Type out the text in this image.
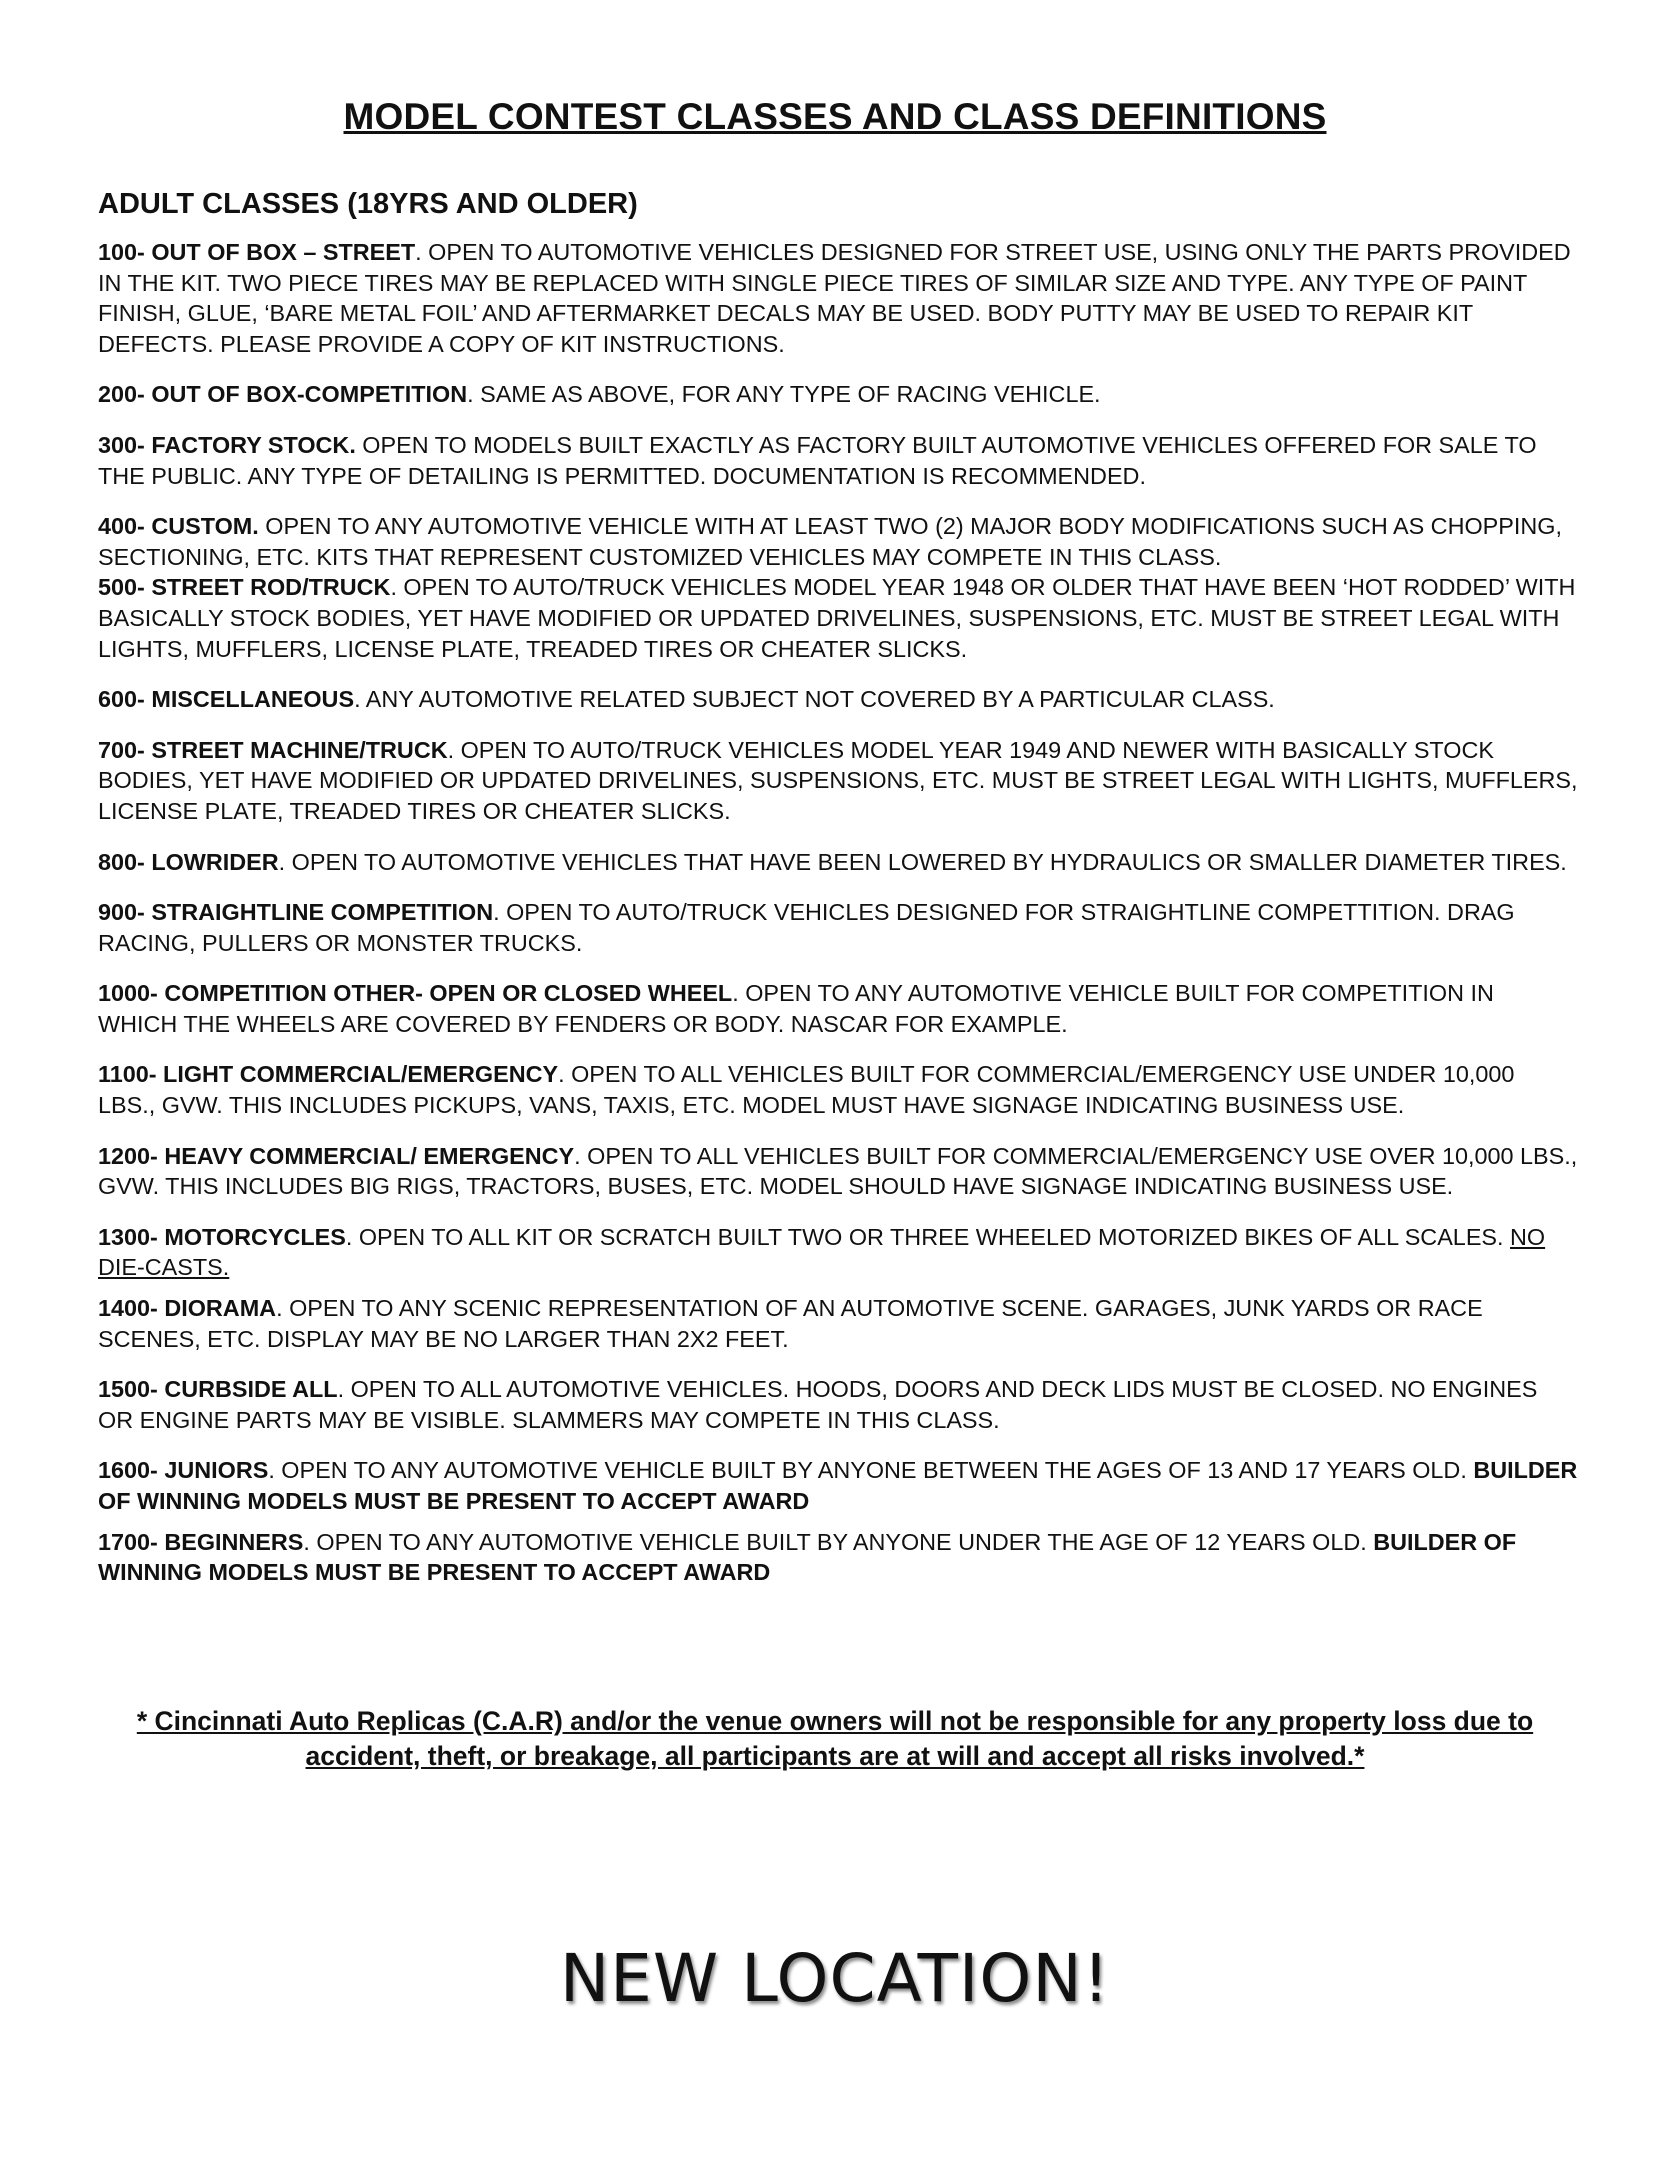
MODEL CONTEST CLASSES AND CLASS DEFINITIONS
ADULT CLASSES (18YRS AND OLDER)

100- OUT OF BOX – STREET. OPEN TO AUTOMOTIVE VEHICLES DESIGNED FOR STREET USE, USING ONLY THE PARTS PROVIDED IN THE KIT. TWO PIECE TIRES MAY BE REPLACED WITH SINGLE PIECE TIRES OF SIMILAR SIZE AND TYPE. ANY TYPE OF PAINT FINISH, GLUE, ‘BARE METAL FOIL’ AND AFTERMARKET DECALS MAY BE USED. BODY PUTTY MAY BE USED TO REPAIR KIT DEFECTS. PLEASE PROVIDE A COPY OF KIT INSTRUCTIONS.

200- OUT OF BOX-COMPETITION. SAME AS ABOVE, FOR ANY TYPE OF RACING VEHICLE.

300- FACTORY STOCK. OPEN TO MODELS BUILT EXACTLY AS FACTORY BUILT AUTOMOTIVE VEHICLES OFFERED FOR SALE TO THE PUBLIC. ANY TYPE OF DETAILING IS PERMITTED. DOCUMENTATION IS RECOMMENDED.

400- CUSTOM. OPEN TO ANY AUTOMOTIVE VEHICLE WITH AT LEAST TWO (2) MAJOR BODY MODIFICATIONS SUCH AS CHOPPING, SECTIONING, ETC. KITS THAT REPRESENT CUSTOMIZED VEHICLES MAY COMPETE IN THIS CLASS.

500- STREET ROD/TRUCK. OPEN TO AUTO/TRUCK VEHICLES MODEL YEAR 1948 OR OLDER THAT HAVE BEEN ‘HOT RODDED’ WITH BASICALLY STOCK BODIES, YET HAVE MODIFIED OR UPDATED DRIVELINES, SUSPENSIONS, ETC. MUST BE STREET LEGAL WITH LIGHTS, MUFFLERS, LICENSE PLATE, TREADED TIRES OR CHEATER SLICKS.

600- MISCELLANEOUS. ANY AUTOMOTIVE RELATED SUBJECT NOT COVERED BY A PARTICULAR CLASS.

700- STREET MACHINE/TRUCK. OPEN TO AUTO/TRUCK VEHICLES MODEL YEAR 1949 AND NEWER WITH BASICALLY STOCK BODIES, YET HAVE MODIFIED OR UPDATED DRIVELINES, SUSPENSIONS, ETC. MUST BE STREET LEGAL WITH LIGHTS, MUFFLERS, LICENSE PLATE, TREADED TIRES OR CHEATER SLICKS.

800- LOWRIDER. OPEN TO AUTOMOTIVE VEHICLES THAT HAVE BEEN LOWERED BY HYDRAULICS OR SMALLER DIAMETER TIRES.

900- STRAIGHTLINE COMPETITION. OPEN TO AUTO/TRUCK VEHICLES DESIGNED FOR STRAIGHTLINE COMPETTITION. DRAG RACING, PULLERS OR MONSTER TRUCKS.

1000- COMPETITION OTHER- OPEN OR CLOSED WHEEL. OPEN TO ANY AUTOMOTIVE VEHICLE BUILT FOR COMPETITION IN WHICH THE WHEELS ARE COVERED BY FENDERS OR BODY. NASCAR FOR EXAMPLE.

1100- LIGHT COMMERCIAL/EMERGENCY. OPEN TO ALL VEHICLES BUILT FOR COMMERCIAL/EMERGENCY USE UNDER 10,000 LBS., GVW. THIS INCLUDES PICKUPS, VANS, TAXIS, ETC. MODEL MUST HAVE SIGNAGE INDICATING BUSINESS USE.

1200- HEAVY COMMERCIAL/ EMERGENCY. OPEN TO ALL VEHICLES BUILT FOR COMMERCIAL/EMERGENCY USE OVER 10,000 LBS., GVW. THIS INCLUDES BIG RIGS, TRACTORS, BUSES, ETC. MODEL SHOULD HAVE SIGNAGE INDICATING BUSINESS USE.

1300- MOTORCYCLES. OPEN TO ALL KIT OR SCRATCH BUILT TWO OR THREE WHEELED MOTORIZED BIKES OF ALL SCALES. NO DIE-CASTS.

1400- DIORAMA. OPEN TO ANY SCENIC REPRESENTATION OF AN AUTOMOTIVE SCENE. GARAGES, JUNK YARDS OR RACE SCENES, ETC. DISPLAY MAY BE NO LARGER THAN 2X2 FEET.

1500- CURBSIDE ALL. OPEN TO ALL AUTOMOTIVE VEHICLES. HOODS, DOORS AND DECK LIDS MUST BE CLOSED. NO ENGINES OR ENGINE PARTS MAY BE VISIBLE. SLAMMERS MAY COMPETE IN THIS CLASS.

1600- JUNIORS. OPEN TO ANY AUTOMOTIVE VEHICLE BUILT BY ANYONE BETWEEN THE AGES OF 13 AND 17 YEARS OLD. BUILDER OF WINNING MODELS MUST BE PRESENT TO ACCEPT AWARD

1700- BEGINNERS. OPEN TO ANY AUTOMOTIVE VEHICLE BUILT BY ANYONE UNDER THE AGE OF 12 YEARS OLD. BUILDER OF WINNING MODELS MUST BE PRESENT TO ACCEPT AWARD

* Cincinnati Auto Replicas (C.A.R) and/or the venue owners will not be responsible for any property loss due to accident, theft, or breakage, all participants are at will and accept all risks involved.*
NEW LOCATION!
